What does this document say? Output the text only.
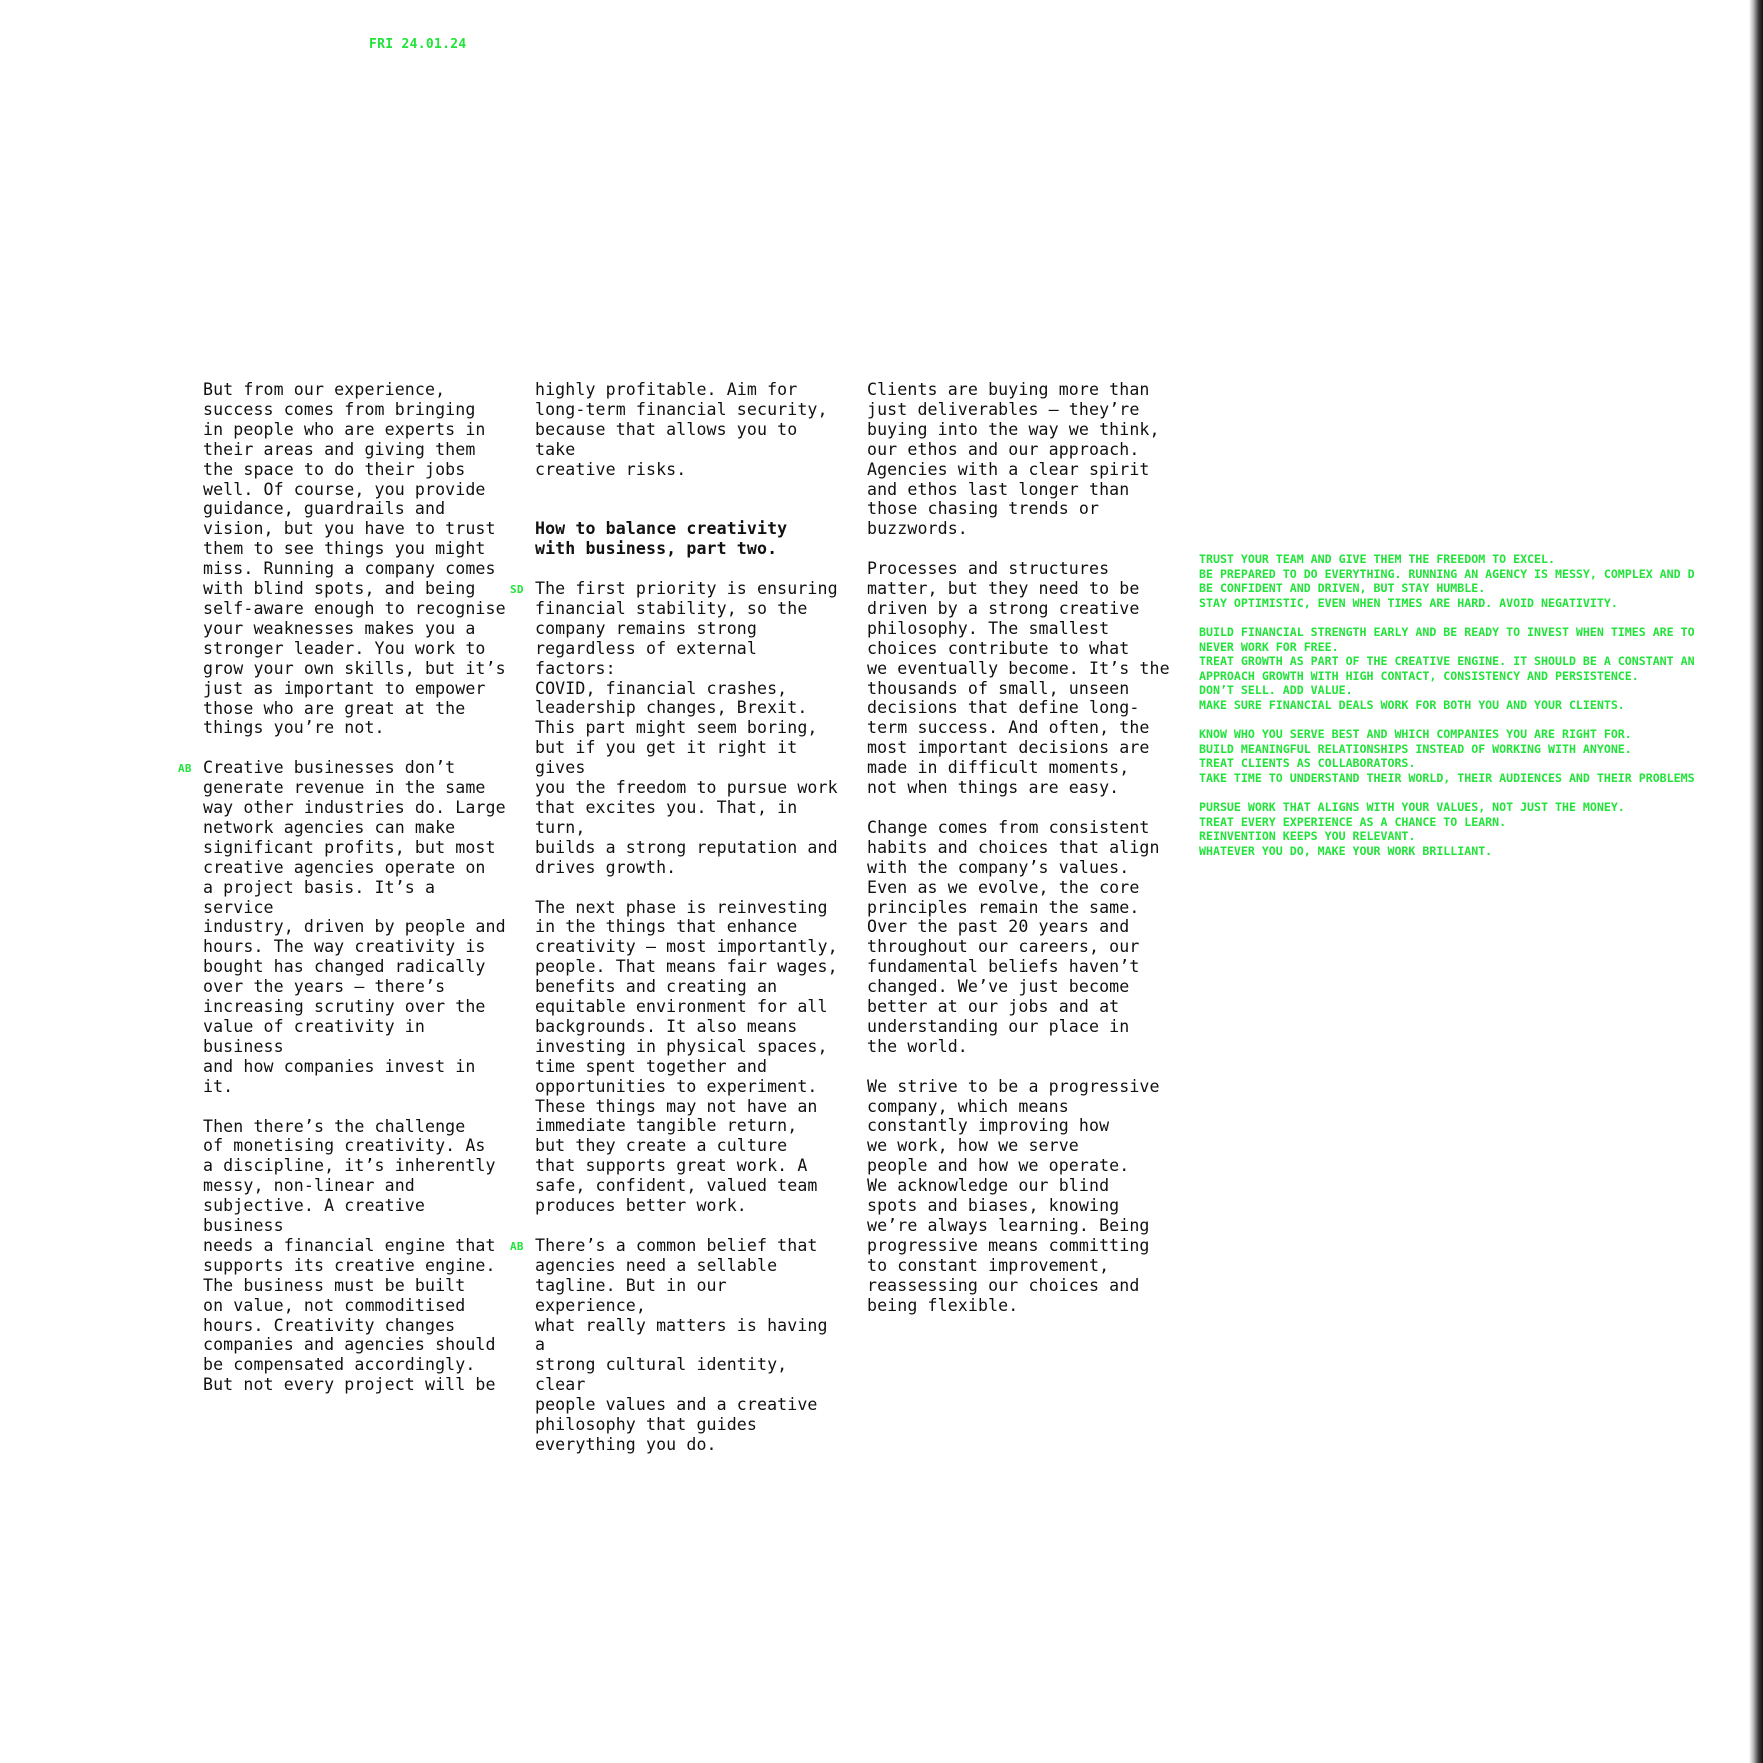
FRI 24.01.24

But from our experience,
success comes from bringing
in people who are experts in
their areas and giving them
the space to do their jobs
well. Of course, you provide
guidance, guardrails and
vision, but you have to trust
them to see things you might
miss. Running a company comes
with blind spots, and being
self-aware enough to recognise
your weaknesses makes you a
stronger leader. You work to
grow your own skills, but it’s
just as important to empower
those who are great at the
things you’re not.

AB Creative businesses don’t
generate revenue in the same
way other industries do. Large
network agencies can make
significant profits, but most
creative agencies operate on
a project basis. It’s a service
industry, driven by people and
hours. The way creativity is
bought has changed radically
over the years – there’s
increasing scrutiny over the
value of creativity in business
and how companies invest in it.

Then there’s the challenge
of monetising creativity. As
a discipline, it’s inherently
messy, non-linear and
subjective. A creative business
needs a financial engine that
supports its creative engine.
The business must be built
on value, not commoditised
hours. Creativity changes
companies and agencies should
be compensated accordingly.
But not every project will be

highly profitable. Aim for
long-term financial security,
because that allows you to take
creative risks.

How to balance creativity
with business, part two.

SD The first priority is ensuring
financial stability, so the
company remains strong
regardless of external factors:
COVID, financial crashes,
leadership changes, Brexit.
This part might seem boring,
but if you get it right it gives
you the freedom to pursue work
that excites you. That, in turn,
builds a strong reputation and
drives growth.

The next phase is reinvesting
in the things that enhance
creativity – most importantly,
people. That means fair wages,
benefits and creating an
equitable environment for all
backgrounds. It also means
investing in physical spaces,
time spent together and
opportunities to experiment.
These things may not have an
immediate tangible return,
but they create a culture
that supports great work. A
safe, confident, valued team
produces better work.

AB There’s a common belief that
agencies need a sellable
tagline. But in our experience,
what really matters is having a
strong cultural identity, clear
people values and a creative
philosophy that guides
everything you do.

Clients are buying more than
just deliverables – they’re
buying into the way we think,
our ethos and our approach.
Agencies with a clear spirit
and ethos last longer than
those chasing trends or
buzzwords.

Processes and structures
matter, but they need to be
driven by a strong creative
philosophy. The smallest
choices contribute to what
we eventually become. It’s the
thousands of small, unseen
decisions that define long-
term success. And often, the
most important decisions are
made in difficult moments,
not when things are easy.

Change comes from consistent
habits and choices that align
with the company’s values.
Even as we evolve, the core
principles remain the same.
Over the past 20 years and
throughout our careers, our
fundamental beliefs haven’t
changed. We’ve just become
better at our jobs and at
understanding our place in
the world.

We strive to be a progressive
company, which means
constantly improving how
we work, how we serve
people and how we operate.
We acknowledge our blind
spots and biases, knowing
we’re always learning. Being
progressive means committing
to constant improvement,
reassessing our choices and
being flexible.

TRUST YOUR TEAM AND GIVE THEM THE FREEDOM TO EXCEL.
BE PREPARED TO DO EVERYTHING. RUNNING AN AGENCY IS MESSY, COMPLEX AND D
BE CONFIDENT AND DRIVEN, BUT STAY HUMBLE.
STAY OPTIMISTIC, EVEN WHEN TIMES ARE HARD. AVOID NEGATIVITY.
BUILD FINANCIAL STRENGTH EARLY AND BE READY TO INVEST WHEN TIMES ARE TO
NEVER WORK FOR FREE.
TREAT GROWTH AS PART OF THE CREATIVE ENGINE. IT SHOULD BE A CONSTANT AN
APPROACH GROWTH WITH HIGH CONTACT, CONSISTENCY AND PERSISTENCE.
DON’T SELL. ADD VALUE.
MAKE SURE FINANCIAL DEALS WORK FOR BOTH YOU AND YOUR CLIENTS.
KNOW WHO YOU SERVE BEST AND WHICH COMPANIES YOU ARE RIGHT FOR.
BUILD MEANINGFUL RELATIONSHIPS INSTEAD OF WORKING WITH ANYONE.
TREAT CLIENTS AS COLLABORATORS.
TAKE TIME TO UNDERSTAND THEIR WORLD, THEIR AUDIENCES AND THEIR PROBLEMS
PURSUE WORK THAT ALIGNS WITH YOUR VALUES, NOT JUST THE MONEY.
TREAT EVERY EXPERIENCE AS A CHANCE TO LEARN.
REINVENTION KEEPS YOU RELEVANT.
WHATEVER YOU DO, MAKE YOUR WORK BRILLIANT.
